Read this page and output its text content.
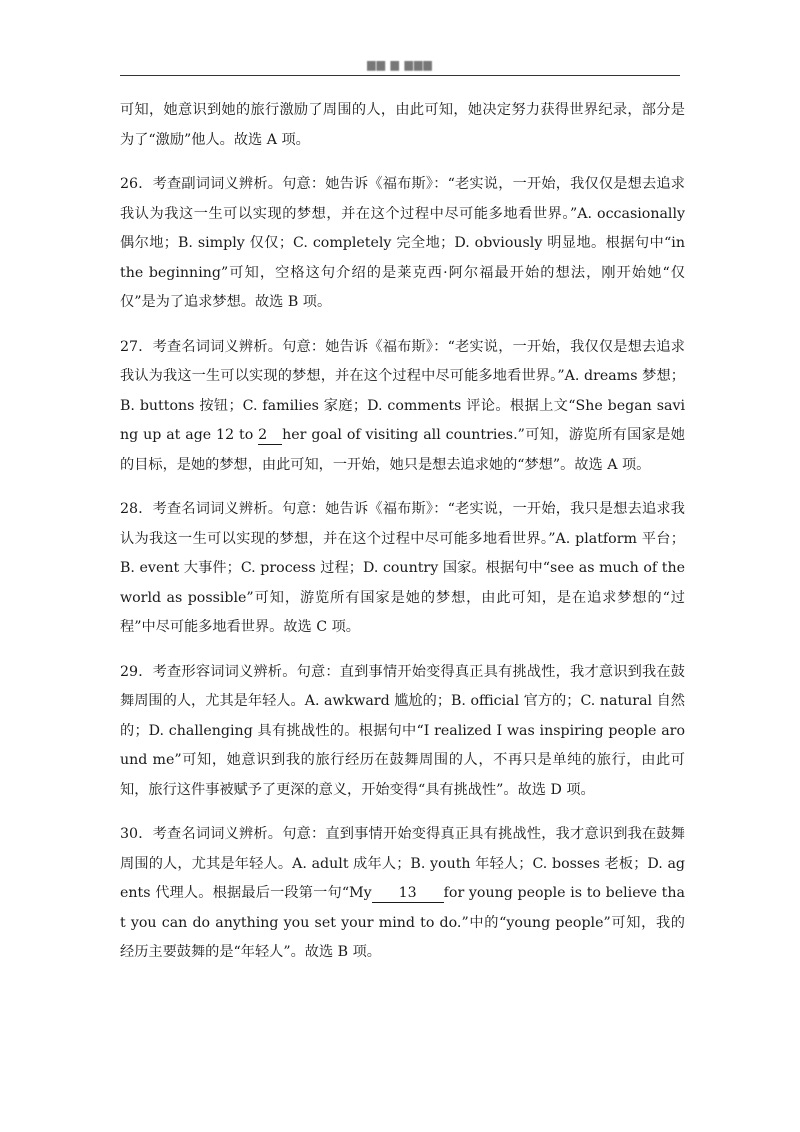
▆▆ ▆ ▆▆▆

可知，她意识到她的旅行激励了周围的人，由此可知，她决定努力获得世界纪录，部分是为了“激励”他人。故选 A 项。

26．考查副词词义辨析。句意：她告诉《福布斯》：“老实说，一开始，我仅仅是想去追求我认为我这一生可以实现的梦想，并在这个过程中尽可能多地看世界。”A. occasionally 偶尔地；B. simply 仅仅；C. completely 完全地；D. obviously 明显地。根据句中“in the beginning”可知，空格这句介绍的是莱克西·阿尔福最开始的想法，刚开始她“仅仅”是为了追求梦想。故选 B 项。

27．考查名词词义辨析。句意：她告诉《福布斯》：“老实说，一开始，我仅仅是想去追求我认为我这一生可以实现的梦想，并在这个过程中尽可能多地看世界。”A. dreams 梦想；B. buttons 按钮；C. families 家庭；D. comments 评论。根据上文“She began saving up at age 12 to 2 her goal of visiting all countries.”可知，游览所有国家是她的目标，是她的梦想，由此可知，一开始，她只是想去追求她的“梦想”。故选 A 项。

28．考查名词词义辨析。句意：她告诉《福布斯》：“老实说，一开始，我只是想去追求我认为我这一生可以实现的梦想，并在这个过程中尽可能多地看世界。”A. platform 平台；B. event 大事件；C. process 过程；D. country 国家。根据句中“see as much of the world as possible”可知，游览所有国家是她的梦想，由此可知，是在追求梦想的“过程”中尽可能多地看世界。故选 C 项。

29．考查形容词词义辨析。句意：直到事情开始变得真正具有挑战性，我才意识到我在鼓舞周围的人，尤其是年轻人。A. awkward 尴尬的；B. official 官方的；C. natural 自然的；D. challenging 具有挑战性的。根据句中“I realized I was inspiring people around me”可知，她意识到我的旅行经历在鼓舞周围的人，不再只是单纯的旅行，由此可知，旅行这件事被赋予了更深的意义，开始变得“具有挑战性”。故选 D 项。

30．考查名词词义辨析。句意：直到事情开始变得真正具有挑战性，我才意识到我在鼓舞周围的人，尤其是年轻人。A. adult 成年人；B. youth 年轻人；C. bosses 老板；D. agents 代理人。根据最后一段第一句“My 13 for young people is to believe that you can do anything you set your mind to do.”中的“young people”可知，我的经历主要鼓舞的是“年轻人”。故选 B 项。
